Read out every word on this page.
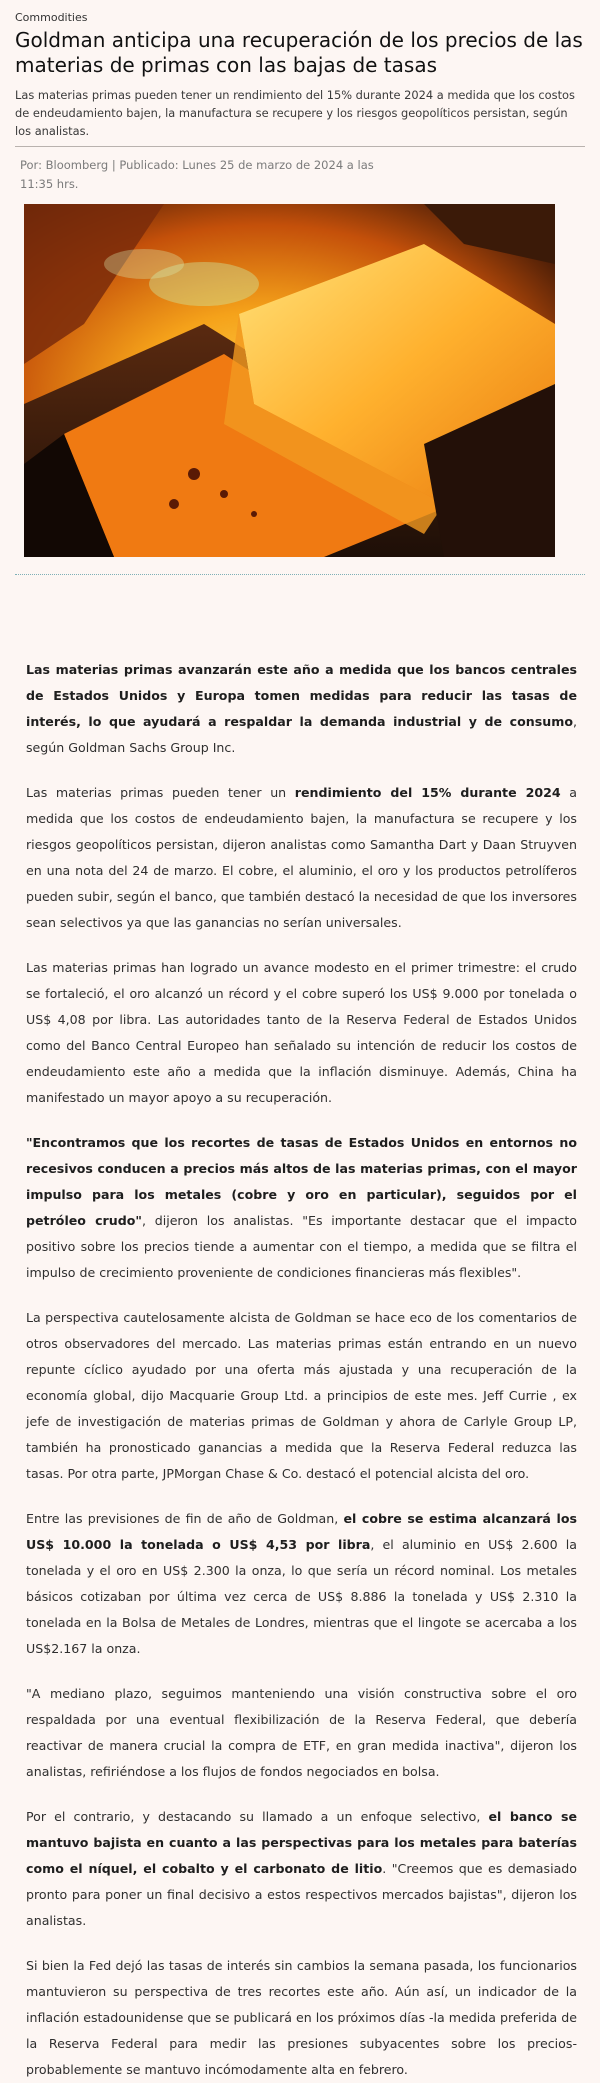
Commodities
Goldman anticipa una recuperación de los precios de las materias de primas con las bajas de tasas

Las materias primas pueden tener un rendimiento del 15% durante 2024 a medida que los costos de endeudamiento bajen, la manufactura se recupere y los riesgos geopolíticos persistan, según los analistas.

Por: Bloomberg | Publicado: Lunes 25 de marzo de 2024 a las 11:35 hrs.

Las materias primas avanzarán este año a medida que los bancos centrales de Estados Unidos y Europa tomen medidas para reducir las tasas de interés, lo que ayudará a respaldar la demanda industrial y de consumo, según Goldman Sachs Group Inc.

Las materias primas pueden tener un rendimiento del 15% durante 2024 a medida que los costos de endeudamiento bajen, la manufactura se recupere y los riesgos geopolíticos persistan, dijeron analistas como Samantha Dart y Daan Struyven en una nota del 24 de marzo. El cobre, el aluminio, el oro y los productos petrolíferos pueden subir, según el banco, que también destacó la necesidad de que los inversores sean selectivos ya que las ganancias no serían universales.

Las materias primas han logrado un avance modesto en el primer trimestre: el crudo se fortaleció, el oro alcanzó un récord y el cobre superó los US$ 9.000 por tonelada o US$ 4,08 por libra. Las autoridades tanto de la Reserva Federal de Estados Unidos como del Banco Central Europeo han señalado su intención de reducir los costos de endeudamiento este año a medida que la inflación disminuye. Además, China ha manifestado un mayor apoyo a su recuperación.

"Encontramos que los recortes de tasas de Estados Unidos en entornos no recesivos conducen a precios más altos de las materias primas, con el mayor impulso para los metales (cobre y oro en particular), seguidos por el petróleo crudo", dijeron los analistas. "Es importante destacar que el impacto positivo sobre los precios tiende a aumentar con el tiempo, a medida que se filtra el impulso de crecimiento proveniente de condiciones financieras más flexibles".

La perspectiva cautelosamente alcista de Goldman se hace eco de los comentarios de otros observadores del mercado. Las materias primas están entrando en un nuevo repunte cíclico ayudado por una oferta más ajustada y una recuperación de la economía global, dijo Macquarie Group Ltd. a principios de este mes. Jeff Currie , ex jefe de investigación de materias primas de Goldman y ahora de Carlyle Group LP, también ha pronosticado ganancias a medida que la Reserva Federal reduzca las tasas. Por otra parte, JPMorgan Chase & Co. destacó el potencial alcista del oro.

Entre las previsiones de fin de año de Goldman, el cobre se estima alcanzará los US$ 10.000 la tonelada o US$ 4,53 por libra, el aluminio en US$ 2.600 la tonelada y el oro en US$ 2.300 la onza, lo que sería un récord nominal. Los metales básicos cotizaban por última vez cerca de US$ 8.886 la tonelada y US$ 2.310 la tonelada en la Bolsa de Metales de Londres, mientras que el lingote se acercaba a los US$2.167 la onza.

"A mediano plazo, seguimos manteniendo una visión constructiva sobre el oro respaldada por una eventual flexibilización de la Reserva Federal, que debería reactivar de manera crucial la compra de ETF, en gran medida inactiva", dijeron los analistas, refiriéndose a los flujos de fondos negociados en bolsa.

Por el contrario, y destacando su llamado a un enfoque selectivo, el banco se mantuvo bajista en cuanto a las perspectivas para los metales para baterías como el níquel, el cobalto y el carbonato de litio. "Creemos que es demasiado pronto para poner un final decisivo a estos respectivos mercados bajistas", dijeron los analistas.

Si bien la Fed dejó las tasas de interés sin cambios la semana pasada, los funcionarios mantuvieron su perspectiva de tres recortes este año. Aún así, un indicador de la inflación estadounidense que se publicará en los próximos días -la medida preferida de la Reserva Federal para medir las presiones subyacentes sobre los precios- probablemente se mantuvo incómodamente alta en febrero.
